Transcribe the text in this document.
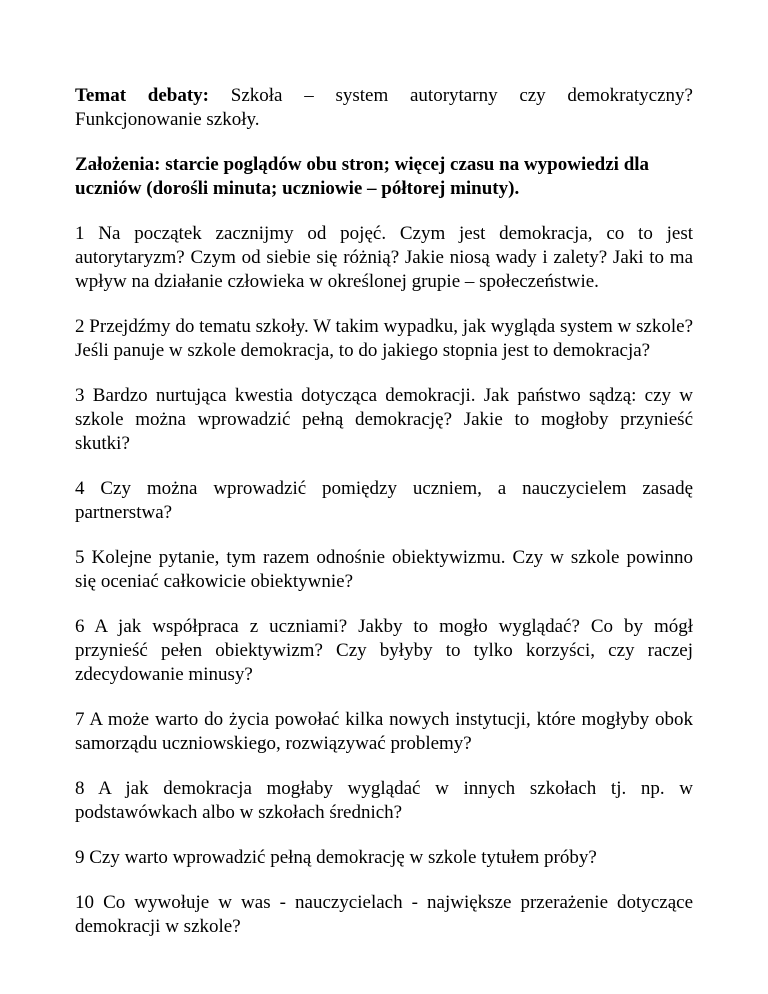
Temat debaty: Szkoła – system autorytarny czy demokratyczny? Funkcjonowanie szkoły.

Założenia: starcie poglądów obu stron; więcej czasu na wypowiedzi dla uczniów (dorośli minuta; uczniowie – półtorej minuty).

1 Na początek zacznijmy od pojęć. Czym jest demokracja, co to jest autorytaryzm? Czym od siebie się różnią? Jakie niosą wady i zalety? Jaki to ma wpływ na działanie człowieka w określonej grupie – społeczeństwie.

2 Przejdźmy do tematu szkoły. W takim wypadku, jak wygląda system w szkole? Jeśli panuje w szkole demokracja, to do jakiego stopnia jest to demokracja?

3 Bardzo nurtująca kwestia dotycząca demokracji. Jak państwo sądzą: czy w szkole można wprowadzić pełną demokrację? Jakie to mogłoby przynieść skutki?

4 Czy można wprowadzić pomiędzy uczniem, a nauczycielem zasadę partnerstwa?

5 Kolejne pytanie, tym razem odnośnie obiektywizmu. Czy w szkole powinno się oceniać całkowicie obiektywnie?

6 A jak współpraca z uczniami? Jakby to mogło wyglądać? Co by mógł przynieść pełen obiektywizm? Czy byłyby to tylko korzyści, czy raczej zdecydowanie minusy?

7 A może warto do życia powołać kilka nowych instytucji, które mogłyby obok samorządu uczniowskiego, rozwiązywać problemy?

8 A jak demokracja mogłaby wyglądać w innych szkołach tj. np. w podstawówkach albo w szkołach średnich?

9 Czy warto wprowadzić pełną demokrację w szkole tytułem próby?

10 Co wywołuje w was - nauczycielach - największe przerażenie dotyczące demokracji w szkole?
